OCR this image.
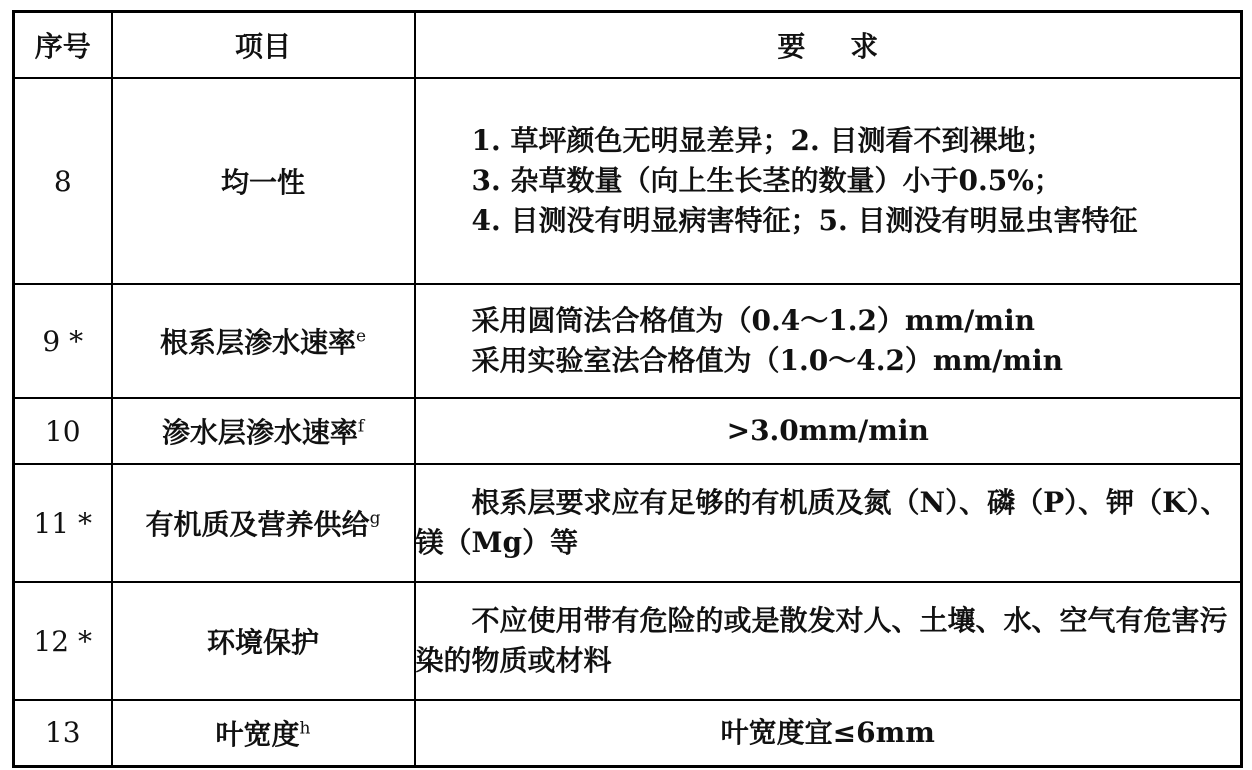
序号	项目	要求
8	均一性	1. 草坪颜色无明显差异；2. 目测看不到裸地；
3. 杂草数量（向上生长茎的数量）小于0.5%；
4. 目测没有明显病害特征；5. 目测没有明显虫害特征

9 *	根系层渗水速率$^e$	采用圆筒法合格值为（0.4～1.2）mm/min
采用实验室法合格值为（1.0～4.2）mm/min

10	渗水层渗水速率$^f$	>3.0mm/min

11 *	有机质及营养供给$^g$	根系层要求应有足够的有机质及氮（N）、磷（P）、钾（K）、镁（Mg）等

12 *	环境保护	不应使用带有危险的或是散发对人、土壤、水、空气有危害污染的物质或材料

13	叶宽度$^h$	叶宽度宜≤6mm
